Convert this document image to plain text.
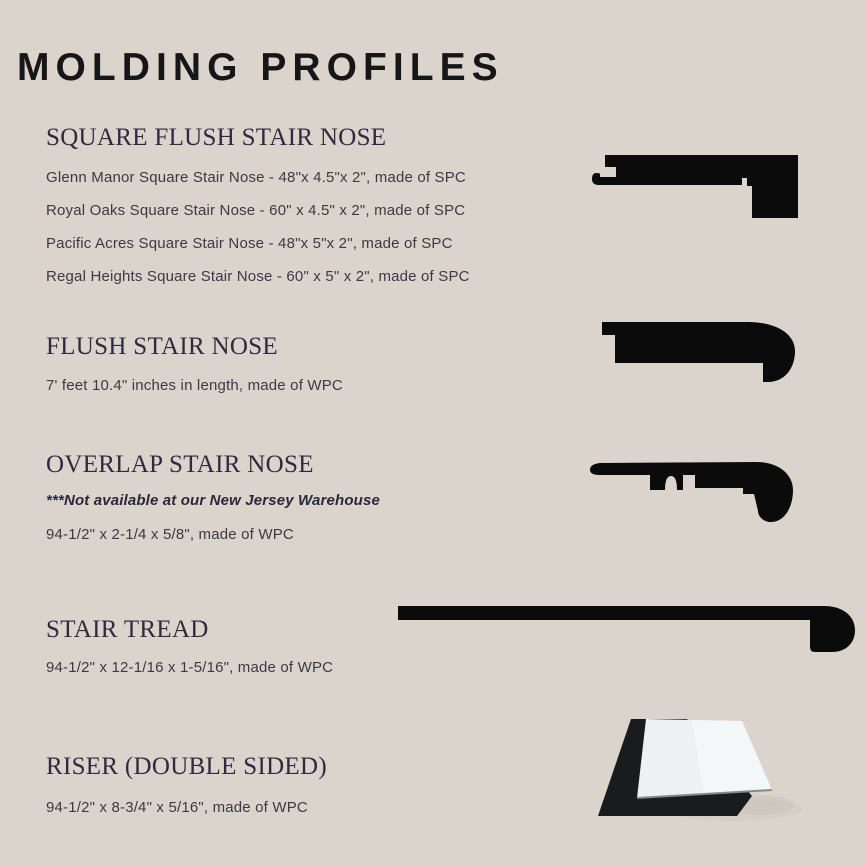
MOLDING PROFILES
SQUARE FLUSH STAIR NOSE

Glenn Manor Square Stair Nose - 48"x 4.5"x 2", made of SPC

Royal Oaks Square Stair Nose - 60" x 4.5" x 2", made of SPC

Pacific Acres Square Stair Nose - 48"x 5"x 2", made of SPC

Regal Heights Square Stair Nose - 60" x 5" x 2", made of SPC

FLUSH STAIR NOSE

7' feet 10.4" inches in length, made of WPC

OVERLAP STAIR NOSE

***Not available at our New Jersey Warehouse

94-1/2" x 2-1/4 x 5/8", made of WPC

STAIR TREAD

94-1/2" x 12-1/16 x 1-5/16", made of WPC

RISER (DOUBLE SIDED)

94-1/2" x 8-3/4" x 5/16", made of WPC
